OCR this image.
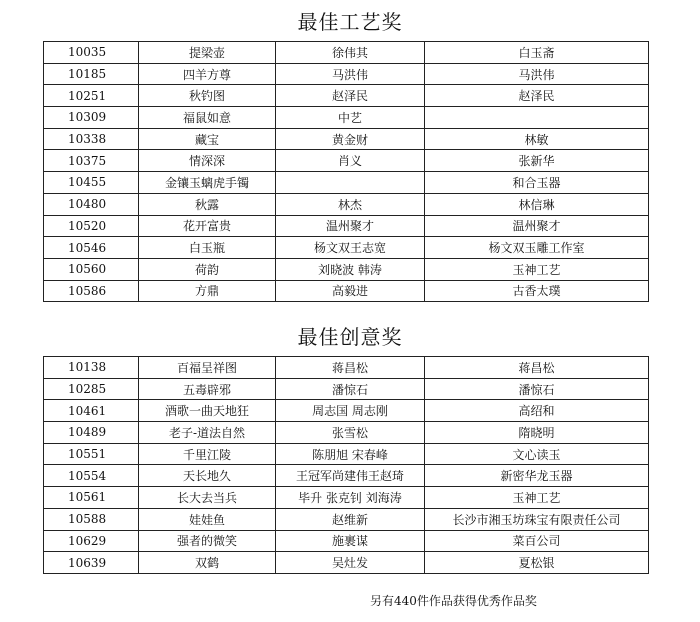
最佳工艺奖
10035	提梁壶	徐伟其	白玉斋
10185	四羊方尊	马洪伟	马洪伟
10251	秋钓图	赵泽民	赵泽民
10309	福鼠如意	中艺	
10338	藏宝	黄金财	林敏
10375	情深深	肖义	张新华
10455	金镶玉螭虎手镯		和合玉器
10480	秋露	林杰	林信琳
10520	花开富贵	温州聚才	温州聚才
10546	白玉瓶	杨文双王志宽	杨文双玉雕工作室
10560	荷韵	刘晓波 韩涛	玉神工艺
10586	方鼎	高毅进	古香太璞
最佳创意奖
10138	百福呈祥图	蒋昌松	蒋昌松
10285	五毒辟邪	潘惊石	潘惊石
10461	酒歌一曲天地狂	周志国 周志刚	高绍和
10489	老子-道法自然	张雪松	隋晓明
10551	千里江陵	陈朋旭 宋春峰	文心读玉
10554	天长地久	王冠军尚建伟王赵琦	新密华龙玉器
10561	长大去当兵	毕升 张克钊 刘海涛	玉神工艺
10588	娃娃鱼	赵维新	长沙市湘玉坊珠宝有限责任公司
10629	强者的微笑	施裹谋	菜百公司
10639	双鹤	吴灶发	夏松银
另有440件作品获得优秀作品奖
